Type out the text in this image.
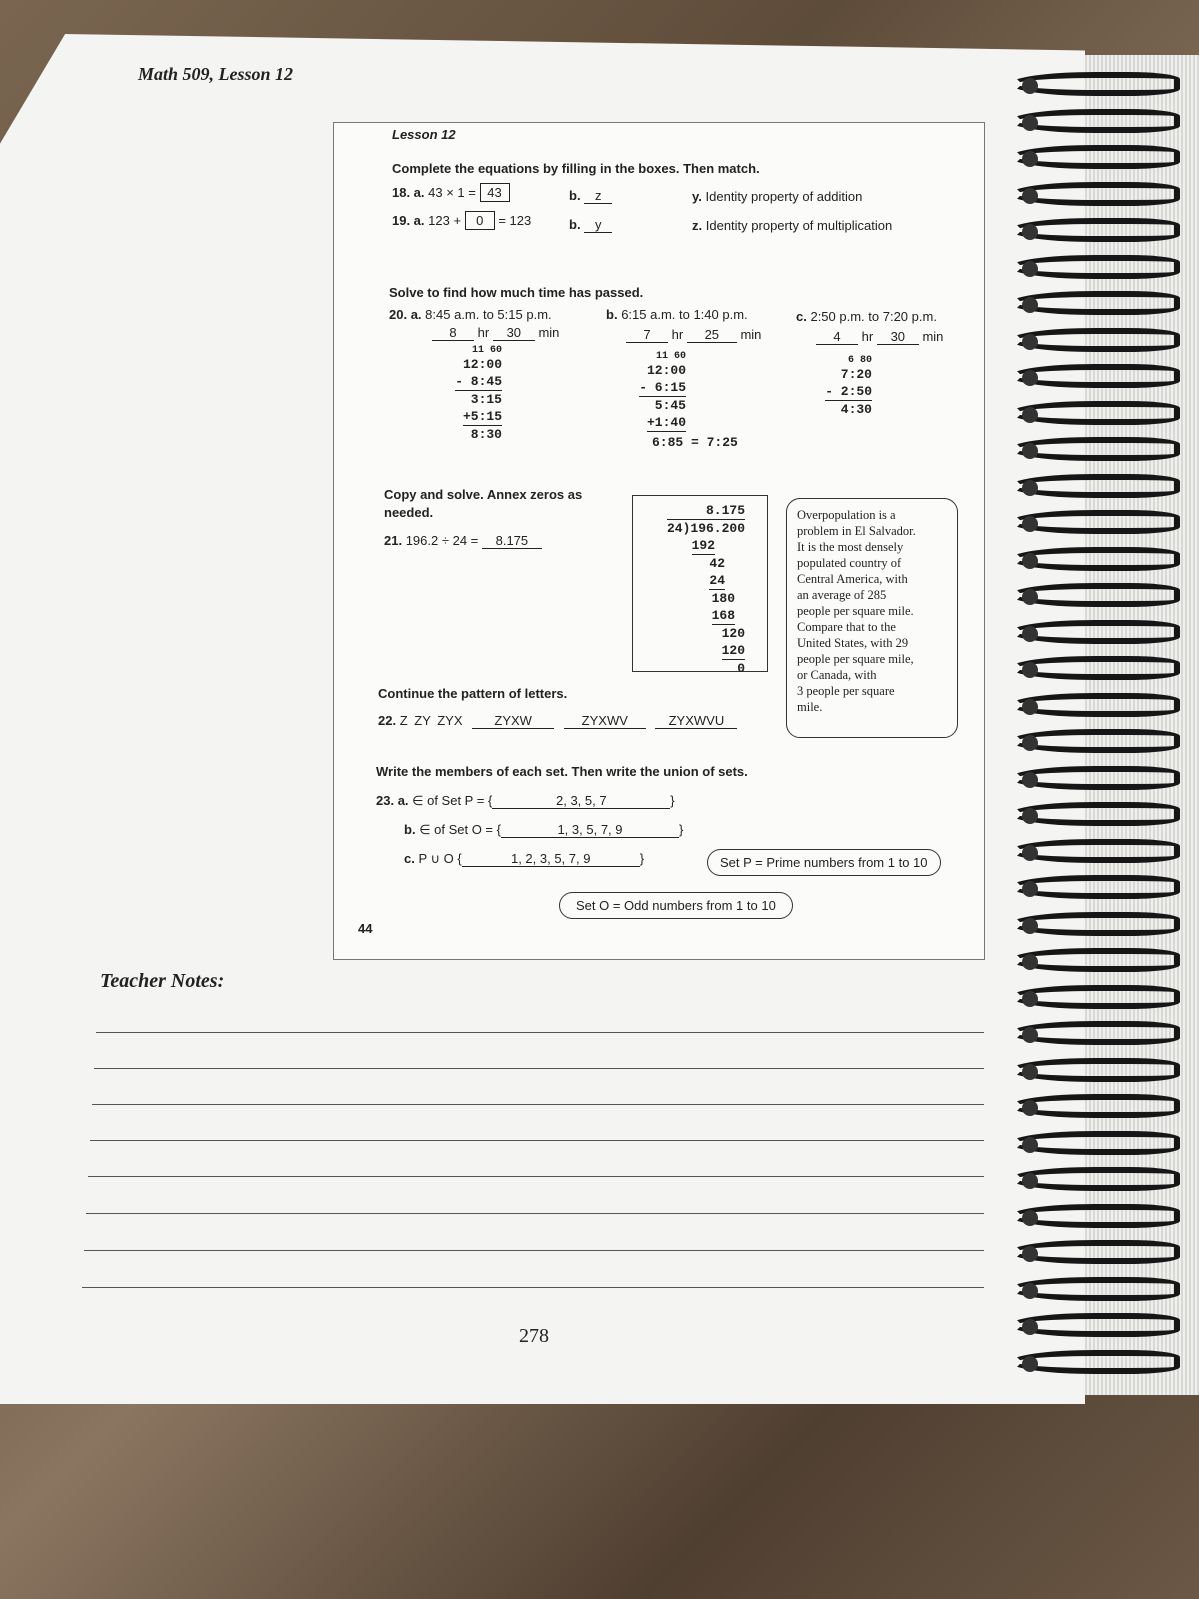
Math 509, Lesson 12
Lesson 12
Complete the equations by filling in the boxes. Then match.
18. a. 43 × 1 = 43	b. z	y. Identity property of addition
19. a. 123 + 0 = 123	b. y	z. Identity property of multiplication
Solve to find how much time has passed.
20. a. 8:45 a.m. to 5:15 p.m.
8 hr 30 min
11 60
12:00
- 8:45
3:15
+5:15
8:30
b. 6:15 a.m. to 1:40 p.m.
7 hr 25 min
11 60
12:00
- 6:15
5:45
+1:40
6:85 = 7:25
c. 2:50 p.m. to 7:20 p.m.
4 hr 30 min
6 80
7:20
- 2:50
4:30
Copy and solve. Annex zeros as
needed.
21. 196.2 ÷ 24 = 8.175
8.175
24)196.200
192
42
24
180
168
120
120
0
Overpopulation is a
problem in El Salvador.
It is the most densely
populated country of
Central America, with
an average of 285
people per square mile.
Compare that to the
United States, with 29
people per square mile,
or Canada, with
3 people per square
mile.
Continue the pattern of letters.
22. Z ZY ZYX ZYXW	ZYXWV	ZYXWVU
Write the members of each set. Then write the union of sets.
23. a. ∈ of Set P = {	2, 3, 5, 7	}
b. ∈ of Set O = {	1, 3, 5, 7, 9	}
c. P ∪ O {	1, 2, 3, 5, 7, 9	}	Set P = Prime numbers from 1 to 10
Set O = Odd numbers from 1 to 10
44
Teacher Notes:
278
